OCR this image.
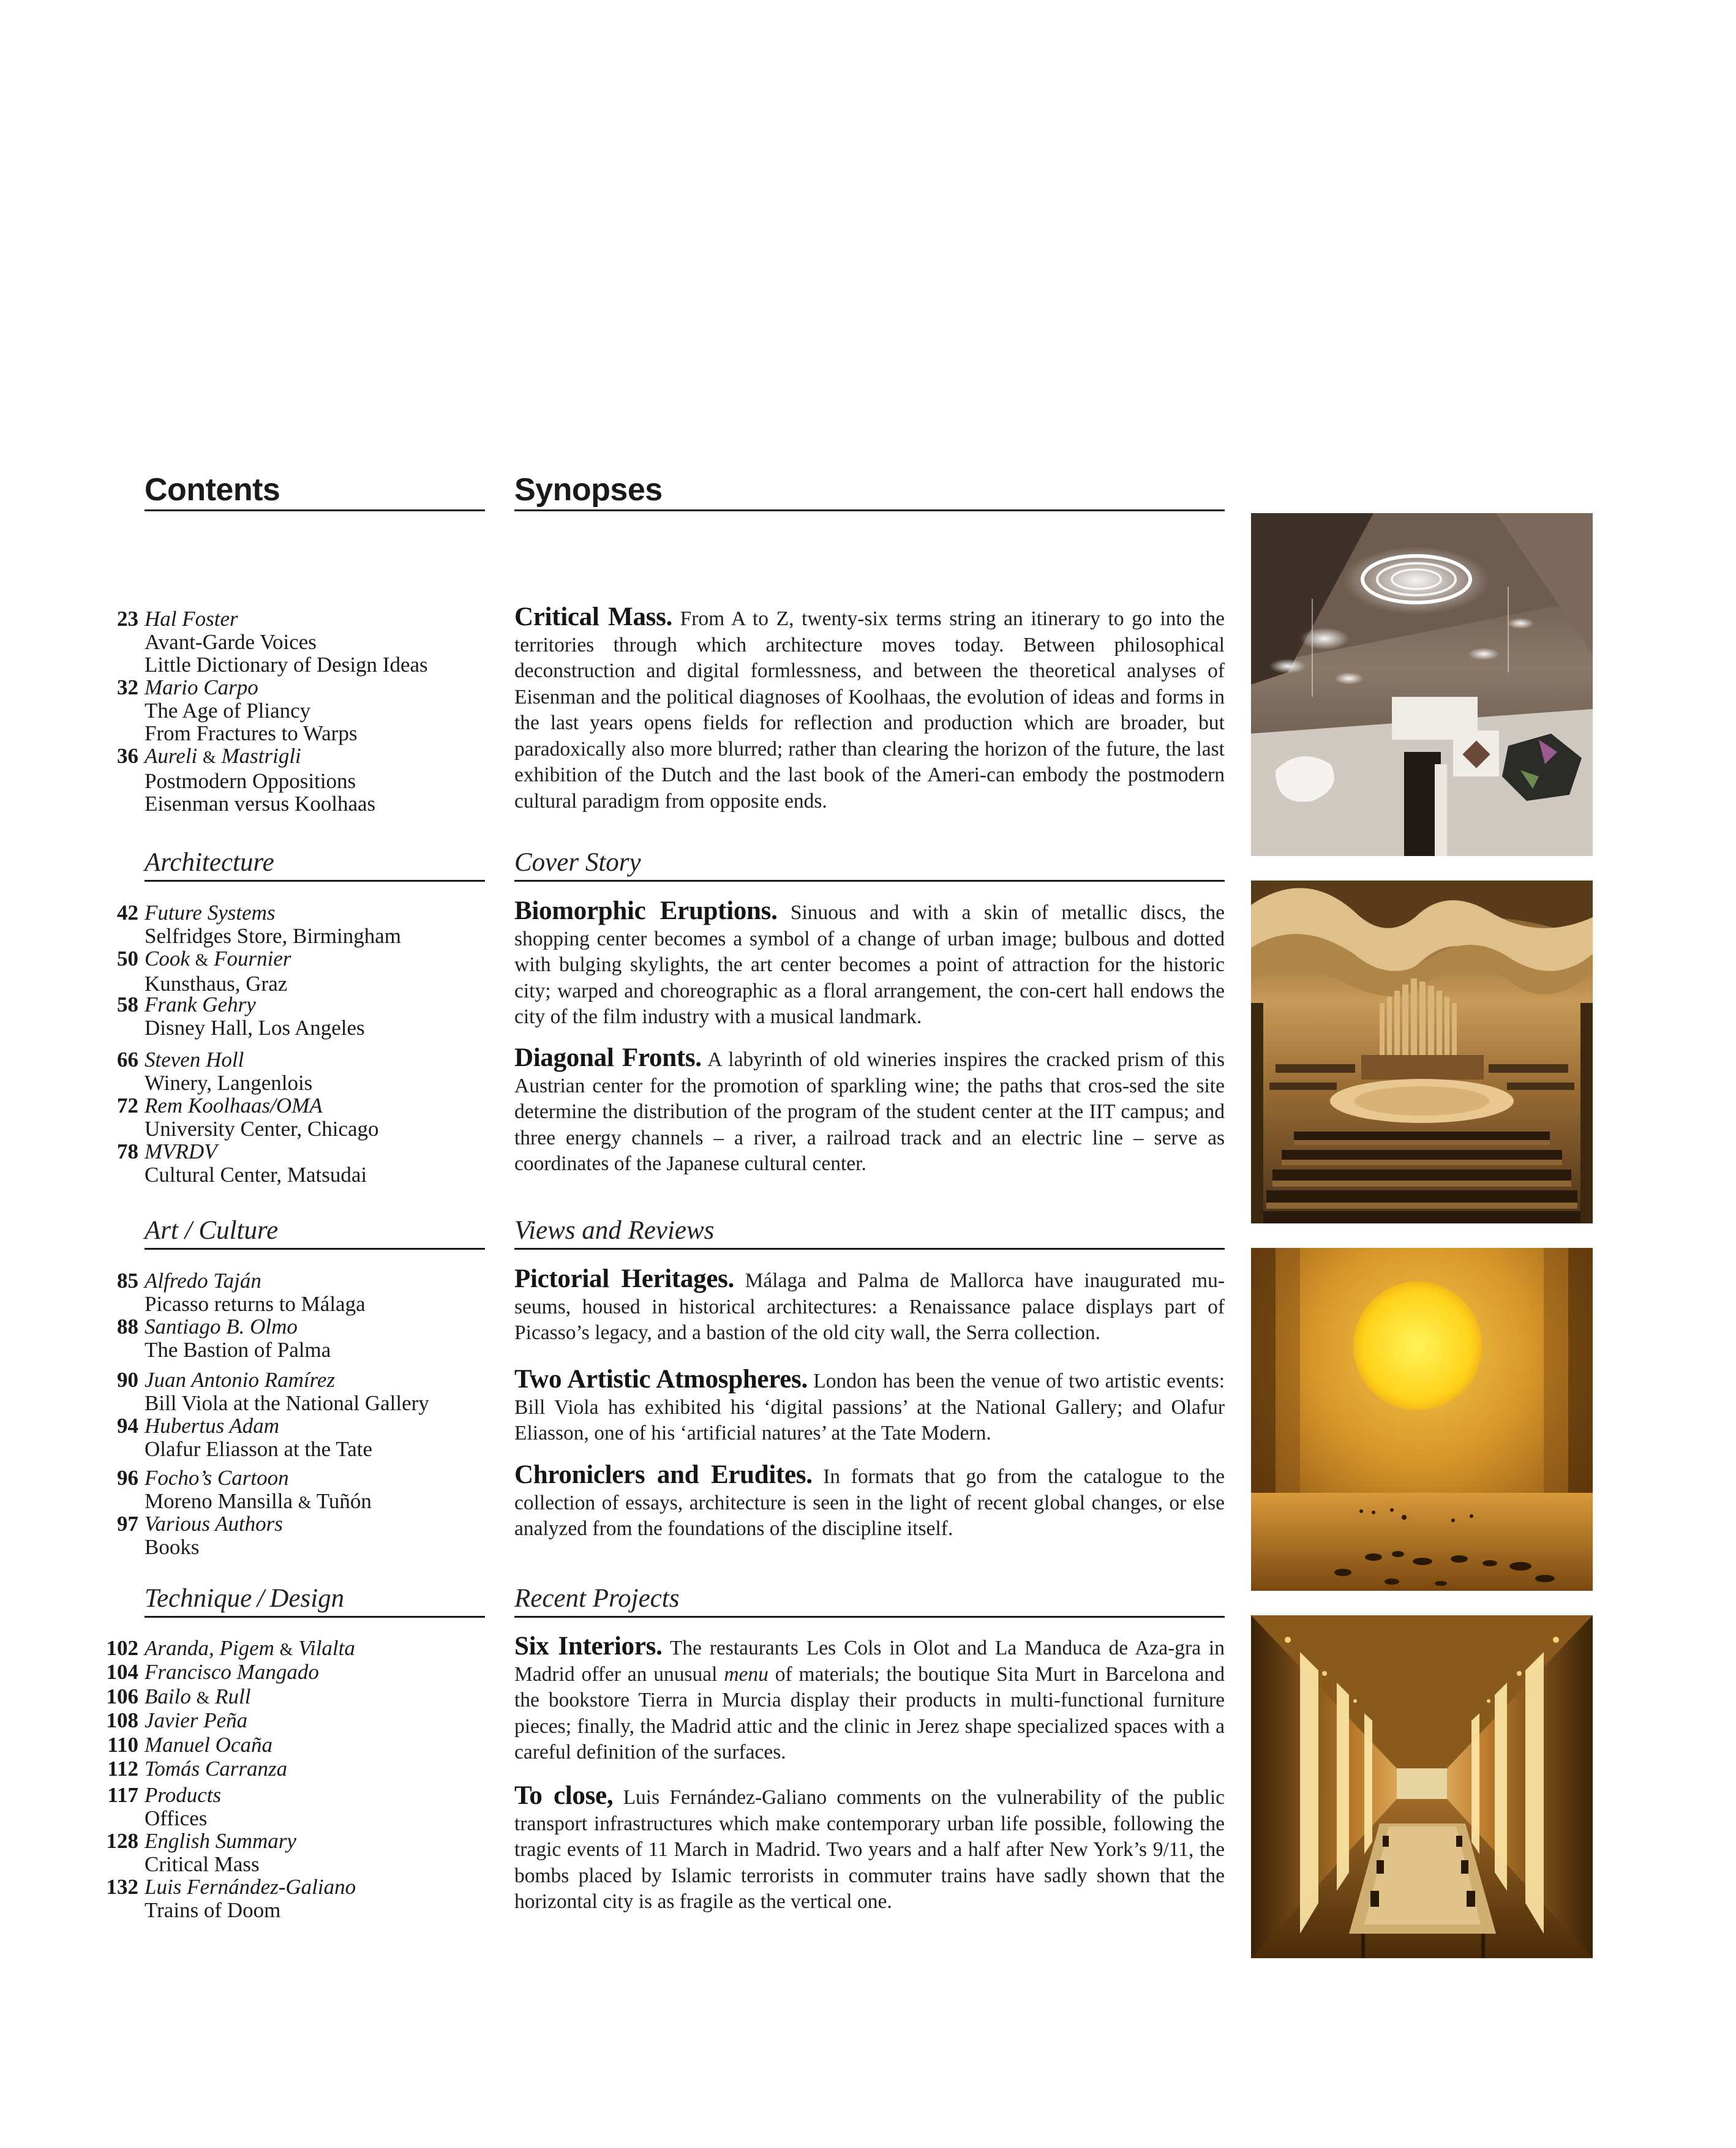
Contents	Synopses
23 Hal Foster
Avant-Garde Voices
Little Dictionary of Design Ideas
32 Mario Carpo
The Age of Pliancy
From Fractures to Warps
36 Aureli & Mastrigli
Postmodern Oppositions
Eisenman versus Koolhaas
Architecture
42 Future Systems
Selfridges Store, Birmingham
50 Cook & Fournier
Kunsthaus, Graz
58 Frank Gehry
Disney Hall, Los Angeles
66 Steven Holl
Winery, Langenlois
72 Rem Koolhaas/OMA
University Center, Chicago
78 MVRDV
Cultural Center, Matsudai
Art / Culture
85 Alfredo Taján
Picasso returns to Málaga
88 Santiago B. Olmo
The Bastion of Palma
90 Juan Antonio Ramírez
Bill Viola at the National Gallery
94 Hubertus Adam
Olafur Eliasson at the Tate
96 Focho’s Cartoon
Moreno Mansilla & Tuñón
97 Various Authors
Books
Technique / Design
102 Aranda, Pigem & Vilalta
104 Francisco Mangado
106 Bailo & Rull
108 Javier Peña
110 Manuel Ocaña
112 Tomás Carranza
117 Products
Offices
128 English Summary
Critical Mass
132 Luis Fernández-Galiano
Trains of Doom
Critical Mass. From A to Z, twenty-six terms string an itinerary to go into the territories through which architecture moves today. Between philosophical deconstruction and digital formlessness, and between the theoretical analyses of Eisenman and the political diagnoses of Koolhaas, the evolution of ideas and forms in the last years opens fields for reflection and production which are broader, but paradoxically also more blurred; rather than clearing the horizon of the future, the last exhibition of the Dutch and the last book of the Ameri-can embody the postmodern cultural paradigm from opposite ends.
Cover Story
Biomorphic Eruptions. Sinuous and with a skin of metallic discs, the shopping center becomes a symbol of a change of urban image; bulbous and dotted with bulging skylights, the art center becomes a point of attraction for the historic city; warped and choreographic as a floral arrangement, the con-cert hall endows the city of the film industry with a musical landmark.
Diagonal Fronts. A labyrinth of old wineries inspires the cracked prism of this Austrian center for the promotion of sparkling wine; the paths that cros-sed the site determine the distribution of the program of the student center at the IIT campus; and three energy channels – a river, a railroad track and an electric line – serve as coordinates of the Japanese cultural center.
Views and Reviews
Pictorial Heritages. Málaga and Palma de Mallorca have inaugurated mu-seums, housed in historical architectures: a Renaissance palace displays part of Picasso’s legacy, and a bastion of the old city wall, the Serra collection.
Two Artistic Atmospheres. London has been the venue of two artistic events: Bill Viola has exhibited his ‘digital passions’ at the National Gallery; and Olafur Eliasson, one of his ‘artificial natures’ at the Tate Modern.
Chroniclers and Erudites. In formats that go from the catalogue to the collection of essays, architecture is seen in the light of recent global changes, or else analyzed from the foundations of the discipline itself.
Recent Projects
Six Interiors. The restaurants Les Cols in Olot and La Manduca de Aza-gra in Madrid offer an unusual menu of materials; the boutique Sita Murt in Barcelona and the bookstore Tierra in Murcia display their products in multi-functional furniture pieces; finally, the Madrid attic and the clinic in Jerez shape specialized spaces with a careful definition of the surfaces.
To close, Luis Fernández-Galiano comments on the vulnerability of the public transport infrastructures which make contemporary urban life possible, following the tragic events of 11 March in Madrid. Two years and a half after New York’s 9/11, the bombs placed by Islamic terrorists in commuter trains have sadly shown that the horizontal city is as fragile as the vertical one.
